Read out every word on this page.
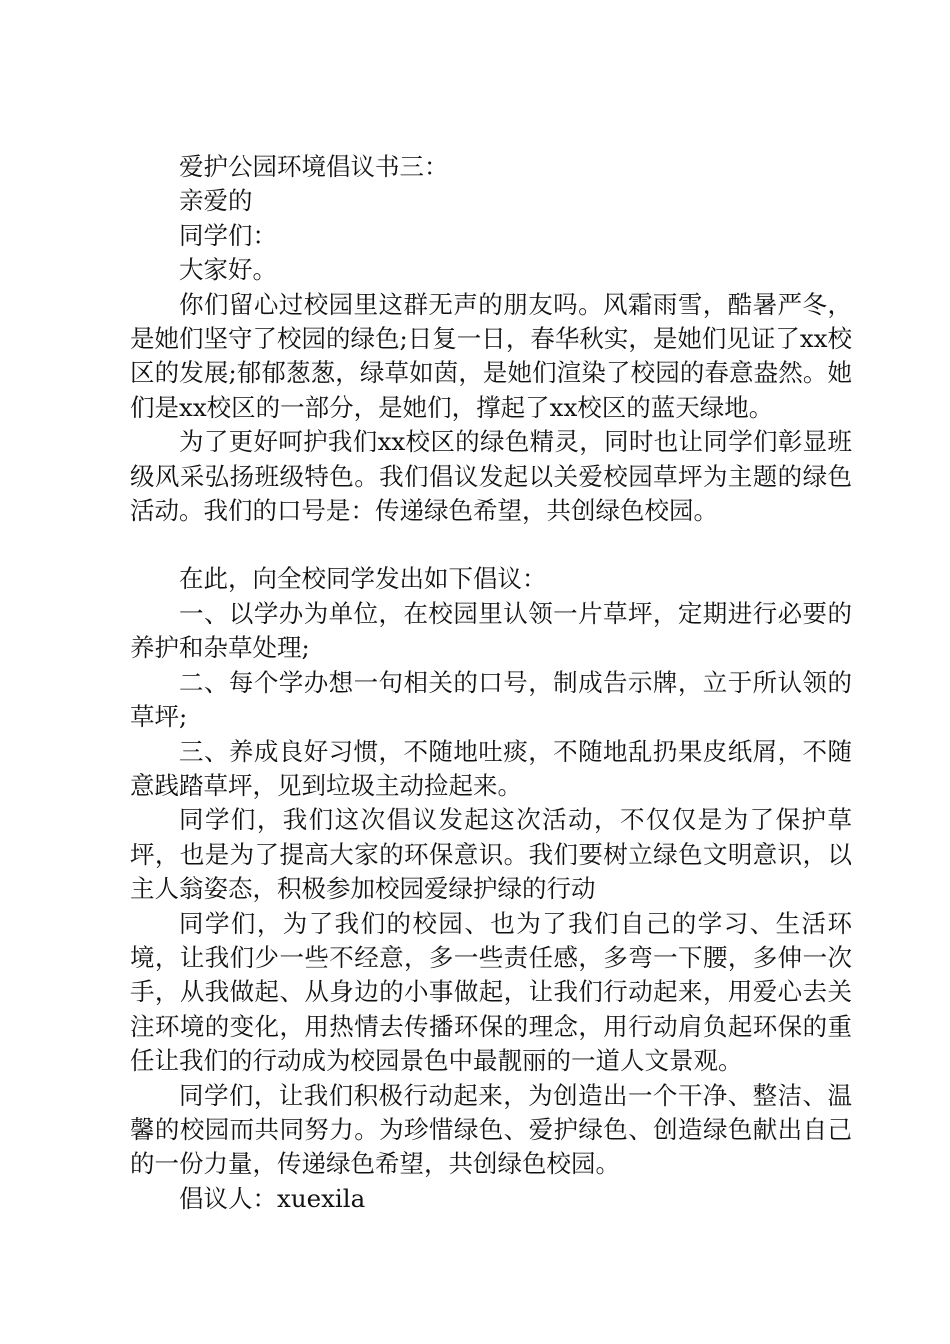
爱护公园环境倡议书三：

亲爱的

同学们：

大家好。

你们留心过校园里这群无声的朋友吗。风霜雨雪，酷暑严冬，是她们坚守了校园的绿色;日复一日，春华秋实，是她们见证了xx校区的发展;郁郁葱葱，绿草如茵，是她们渲染了校园的春意盎然。她们是xx校区的一部分，是她们，撑起了xx校区的蓝天绿地。

为了更好呵护我们xx校区的绿色精灵，同时也让同学们彰显班级风采弘扬班级特色。我们倡议发起以关爱校园草坪为主题的绿色活动。我们的口号是：传递绿色希望，共创绿色校园。

在此，向全校同学发出如下倡议：

一、以学办为单位，在校园里认领一片草坪，定期进行必要的养护和杂草处理;

二、每个学办想一句相关的口号，制成告示牌，立于所认领的草坪;

三、养成良好习惯，不随地吐痰，不随地乱扔果皮纸屑，不随意践踏草坪，见到垃圾主动捡起来。

同学们，我们这次倡议发起这次活动，不仅仅是为了保护草坪，也是为了提高大家的环保意识。我们要树立绿色文明意识，以主人翁姿态，积极参加校园爱绿护绿的行动

同学们，为了我们的校园、也为了我们自己的学习、生活环境，让我们少一些不经意，多一些责任感，多弯一下腰，多伸一次手，从我做起、从身边的小事做起，让我们行动起来，用爱心去关注环境的变化，用热情去传播环保的理念，用行动肩负起环保的重任让我们的行动成为校园景色中最靓丽的一道人文景观。

同学们，让我们积极行动起来，为创造出一个干净、整洁、温馨的校园而共同努力。为珍惜绿色、爱护绿色、创造绿色献出自己的一份力量，传递绿色希望，共创绿色校园。

倡议人：xuexila
